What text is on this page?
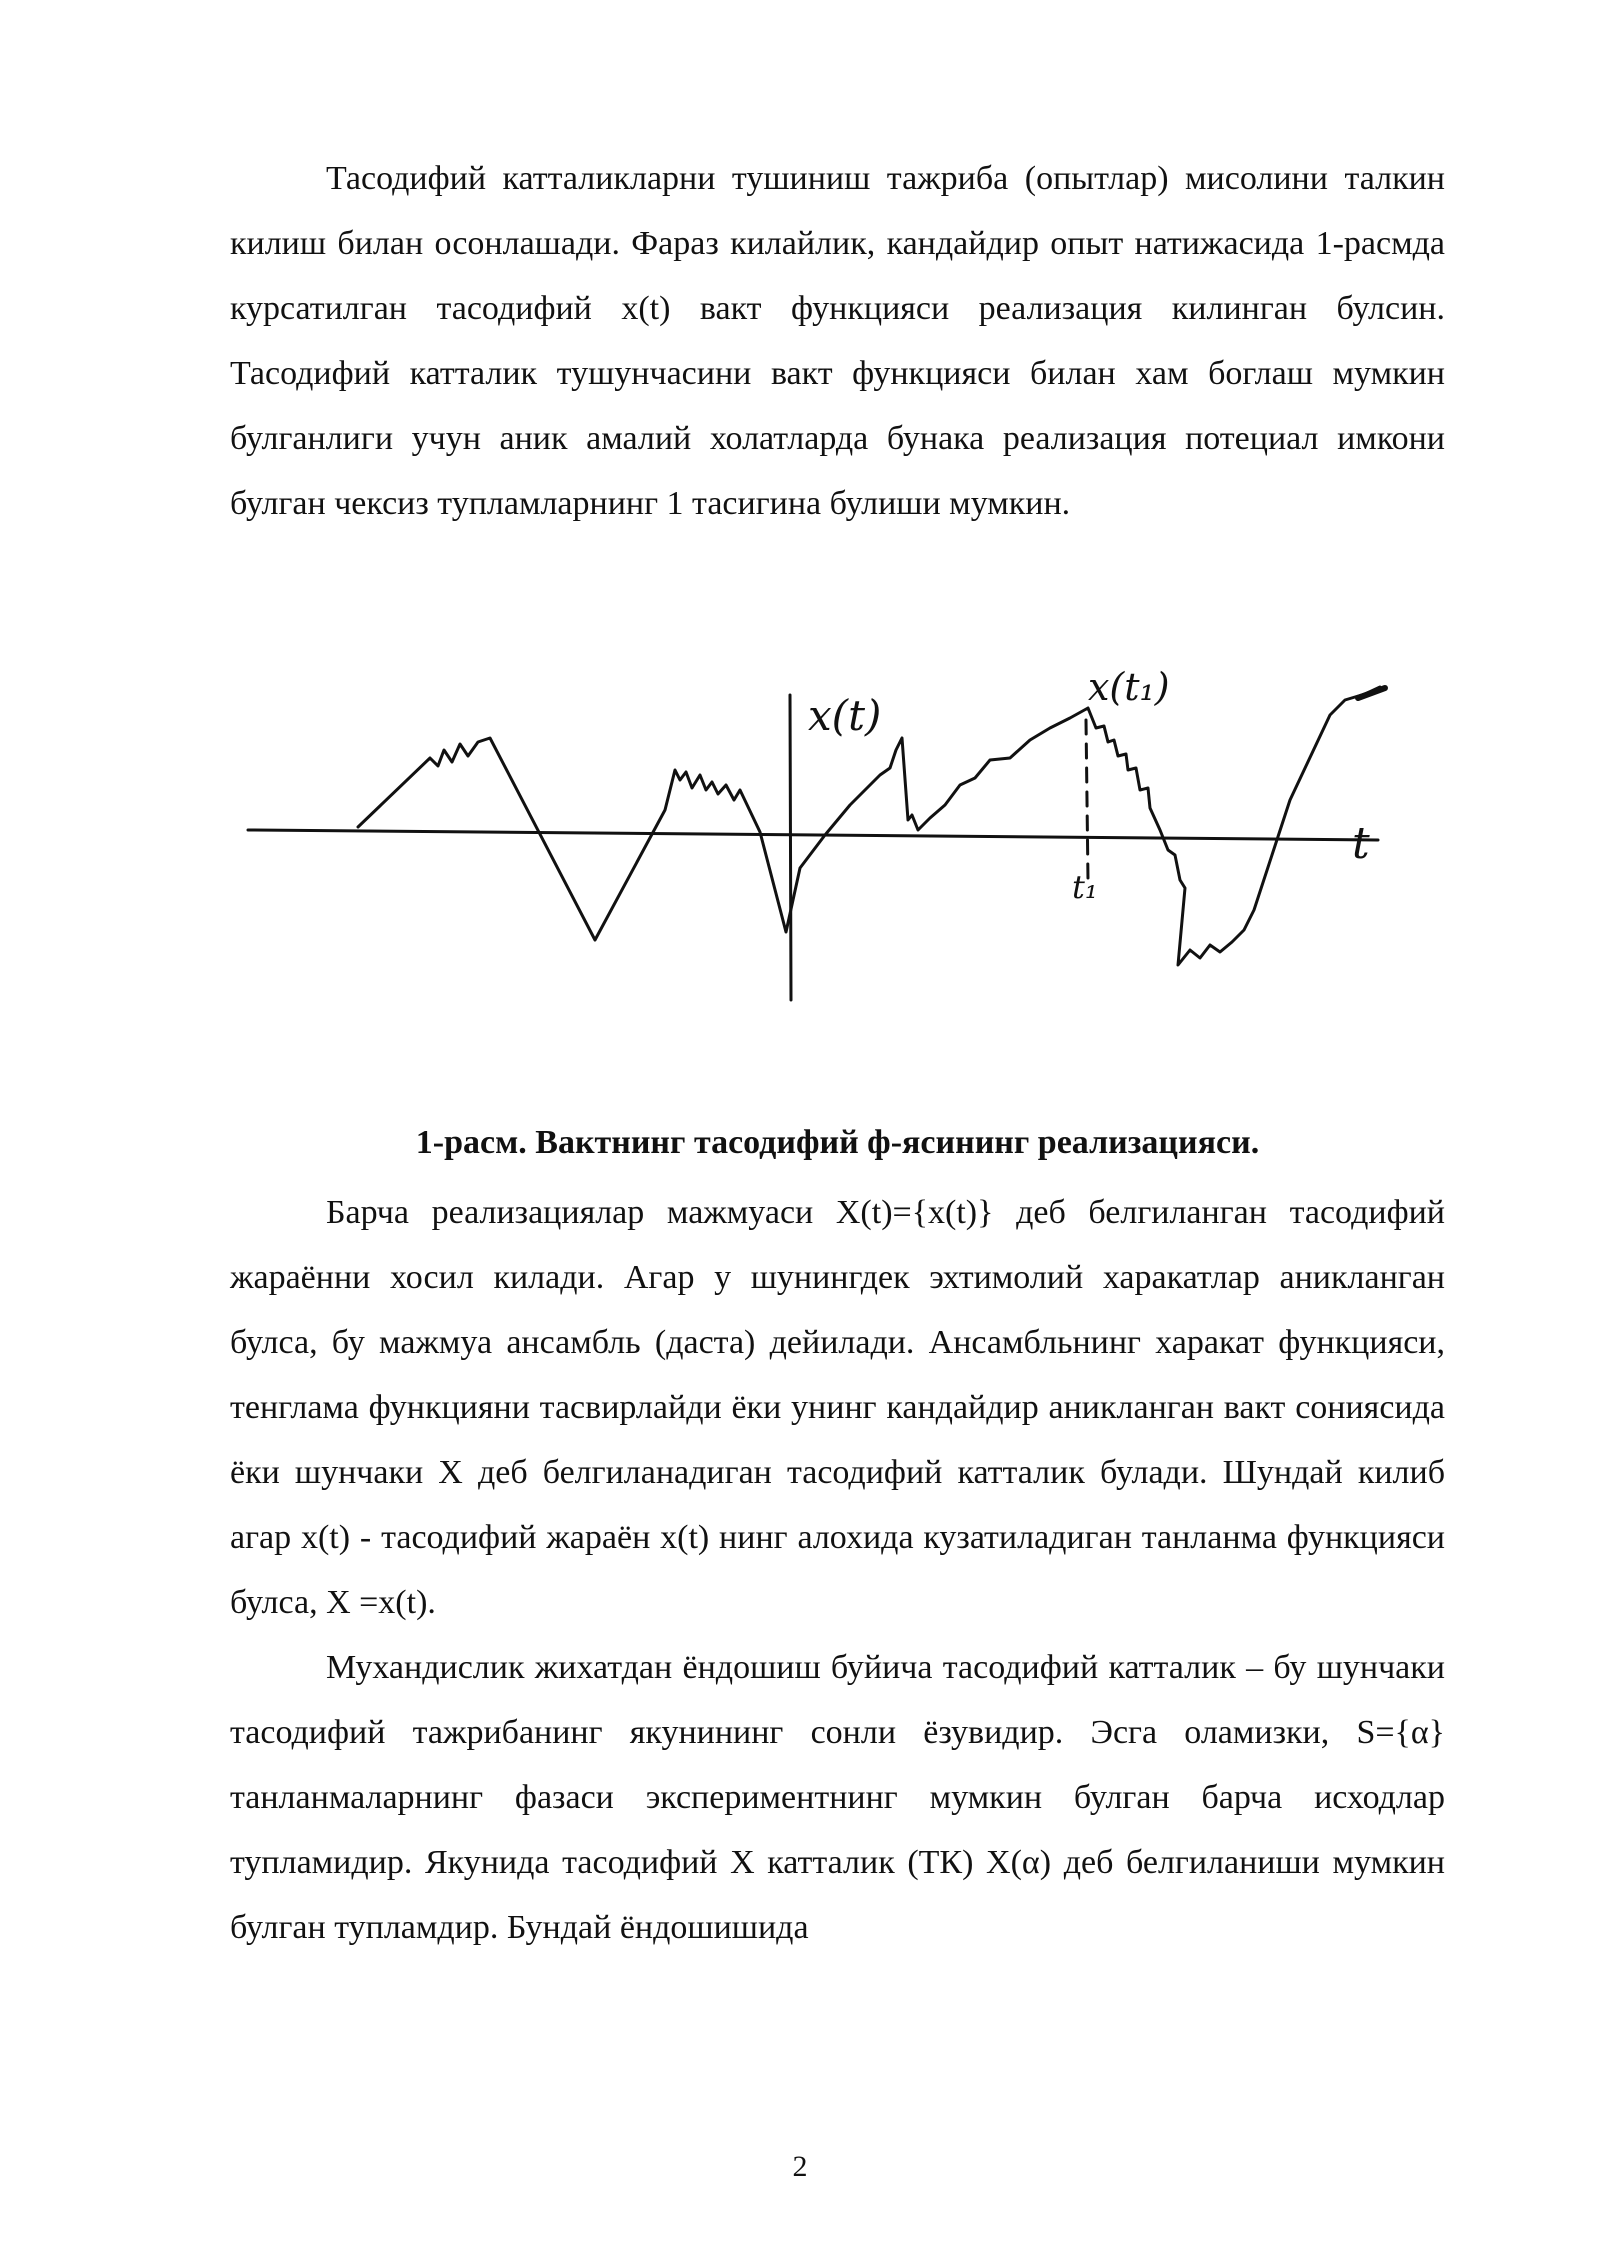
Тасодифий катталикларни тушиниш тажриба (опытлар) мисолини талкин килиш билан осонлашади. Фараз килайлик, кандайдир опыт натижасида 1-расмда курсатилган тасодифий x(t) вакт функцияси реализация килинган булсин. Тасодифий катталик тушунчасини вакт функцияси билан хам боглаш мумкин булганлиги учун аник амалий холатларда бунака реализация потециал имкони булган чексиз тупламларнинг 1 тасигина булиши мумкин.

x(t)
x(t₁)
t
t₁
1-расм. Вактнинг тасодифий ф-ясининг реализацияси.

Барча реализациялар мажмуаси X(t)={x(t)} деб белгиланган тасодифий жараённи хосил килади. Агар у шунингдек эхтимолий харакатлар аникланган булса, бу мажмуа ансамбль (даста) дейилади. Ансамбльнинг харакат функцияси, тенглама функцияни тасвирлайди ёки унинг кандайдир аникланган вакт сониясида ёки шунчаки X деб белгиланадиган тасодифий катталик булади. Шундай килиб агар x(t) - тасодифий жараён x(t) нинг алохида кузатиладиган танланма функцияси булса, X =x(t).

Мухандислик жихатдан ёндошиш буйича тасодифий катталик – бу шунчаки тасодифий тажрибанинг якунининг сонли ёзувидир. Эсга оламизки, S={α} танланмаларнинг фазаси экспериментнинг мумкин булган барча исходлар тупламидир. Якунида тасодифий X катталик (ТК) X(α) деб белгиланиши мумкин булган тупламдир. Бундай ёндошишида

2
